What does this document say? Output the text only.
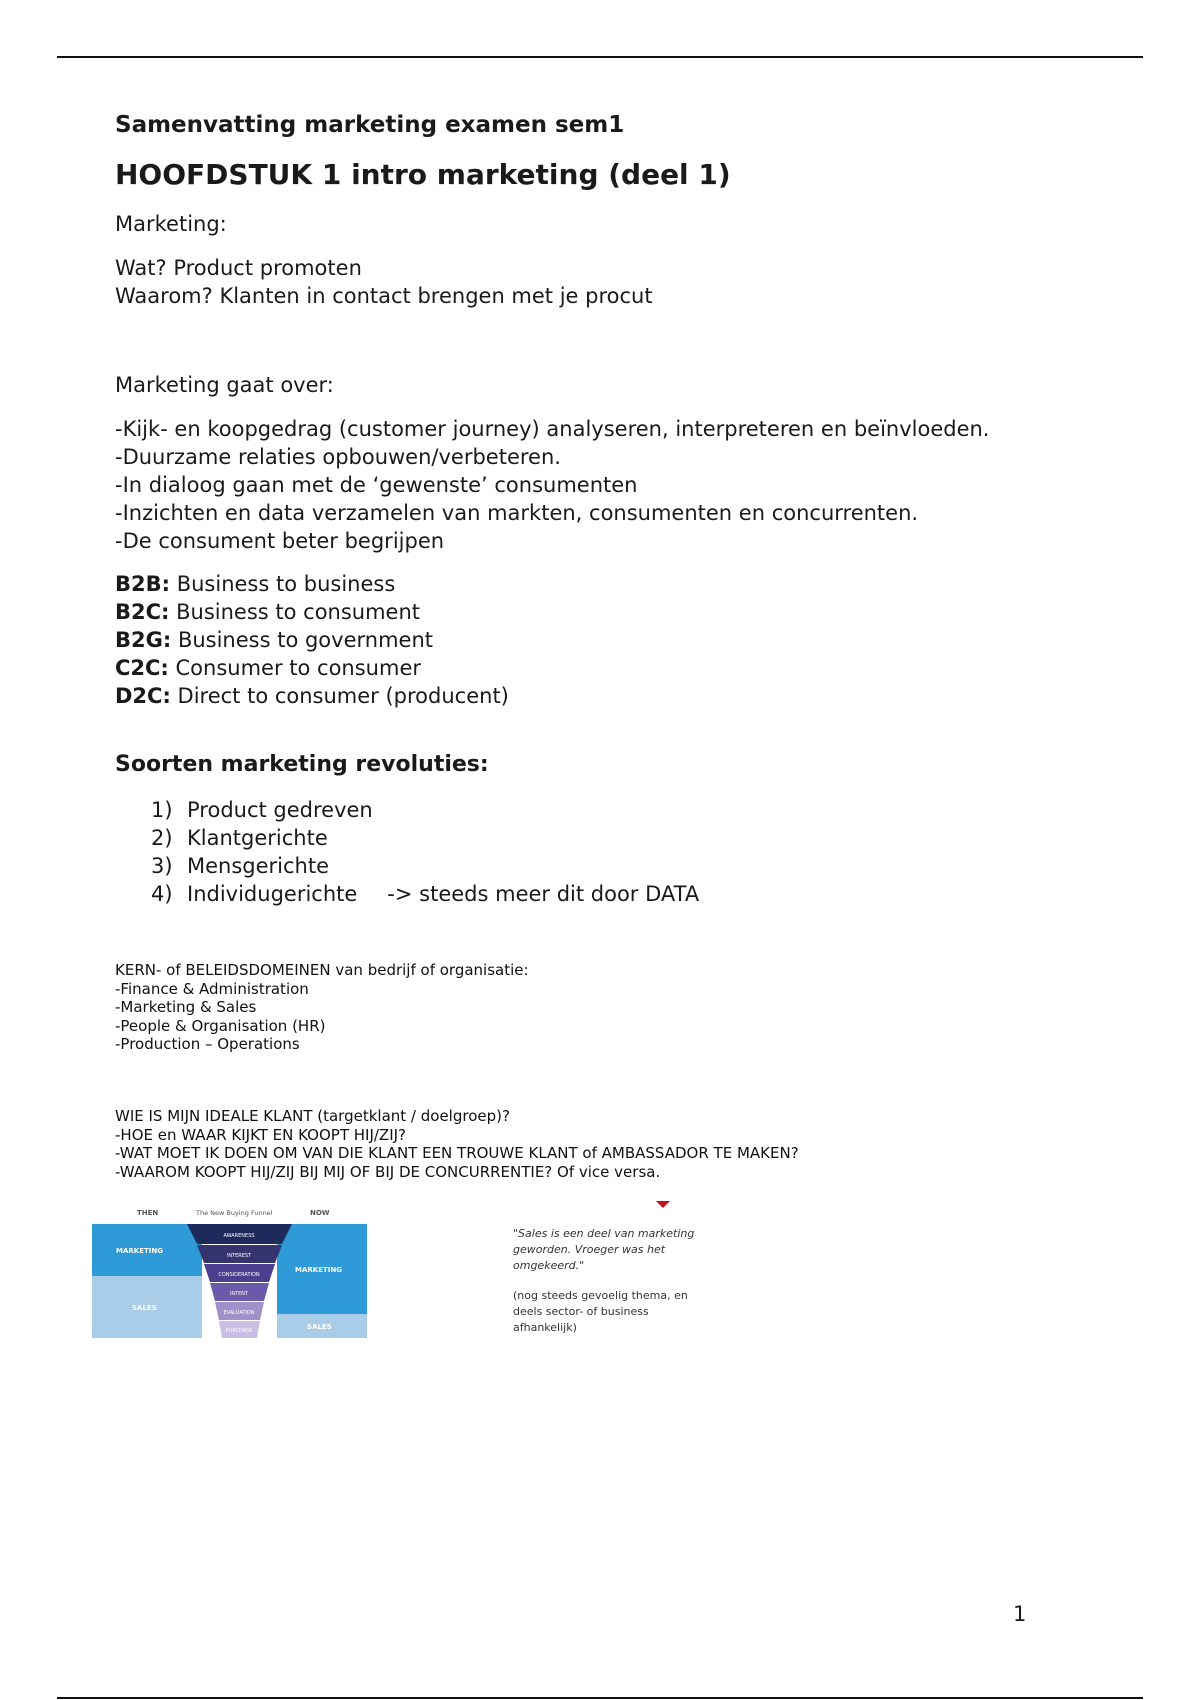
Samenvatting marketing examen sem1
HOOFDSTUK 1 intro marketing (deel 1)
Marketing:
Wat? Product promoten
Waarom? Klanten in contact brengen met je procut
Marketing gaat over:
-Kijk- en koopgedrag (customer journey) analyseren, interpreteren en beïnvloeden.
-Duurzame relaties opbouwen/verbeteren.
-In dialoog gaan met de ‘gewenste’ consumenten
-Inzichten en data verzamelen van markten, consumenten en concurrenten.
-De consument beter begrijpen
B2B: Business to business
B2C: Business to consument
B2G: Business to government
C2C: Consumer to consumer
D2C: Direct to consumer (producent)
Soorten marketing revoluties:
1) Product gedreven
2) Klantgerichte
3) Mensgerichte
4) Individugerichte -> steeds meer dit door DATA
KERN- of BELEIDSDOMEINEN van bedrijf of organisatie:
-Finance & Administration
-Marketing & Sales
-People & Organisation (HR)
-Production – Operations
WIE IS MIJN IDEALE KLANT (targetklant / doelgroep)?
-HOE en WAAR KIJKT EN KOOPT HIJ/ZIJ?
-WAT MOET IK DOEN OM VAN DIE KLANT EEN TROUWE KLANT of AMBASSADOR TE MAKEN?
-WAAROM KOOPT HIJ/ZIJ BIJ MIJ OF BIJ DE CONCURRENTIE? Of vice versa.
THEN	The New Buying Funnel	NOW
MARKETING
SALES
MARKETING
SALES
AWARENESS
INTEREST
CONSIDERATION
INTENT
EVALUATION
PURCHASE
"Sales is een deel van marketing geworden. Vroeger was het omgekeerd."
(nog steeds gevoelig thema, en deels sector- of business afhankelijk)
1
